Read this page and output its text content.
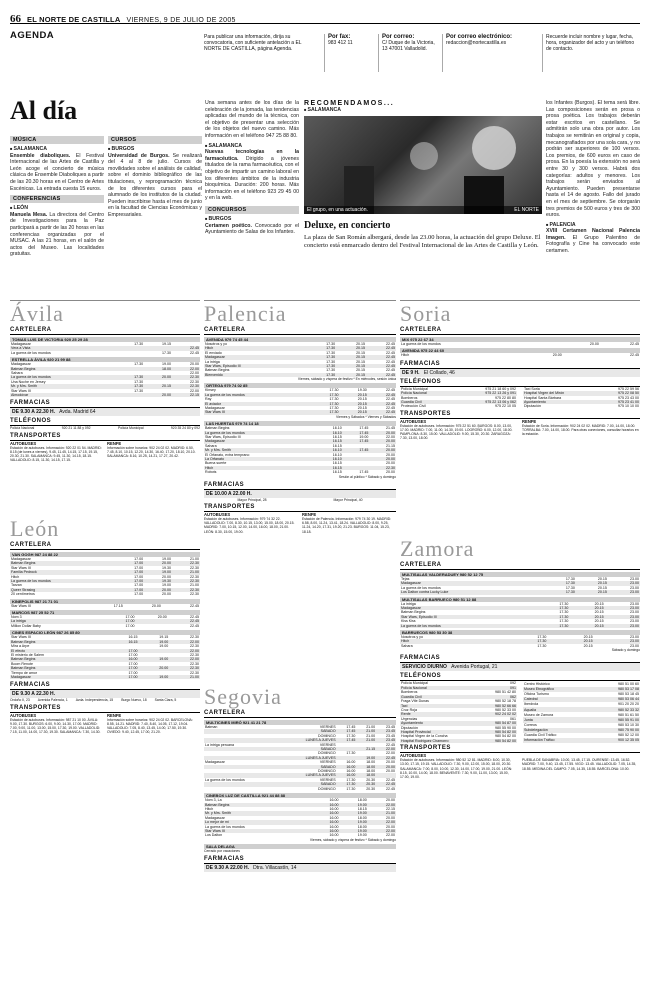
66 EL NORTE DE CASTILLA VIERNES, 9 DE JULIO DE 2005
AGENDA	Para publicar una información, dirija su convocatoria, con suficiente antelación a EL NORTE DE CASTILLA, página Agenda.
Por fax:
983 412 11
Por correo:
C/ Duque de la Victoria, 13 47001 Valladolid.
Por correo electrónico:
redaccion@nortecastilla.es
Recuerde incluir nombre y lugar, fecha, hora, organizador del acto y un teléfono de contacto.
Al día
MÚSICA
■ SALAMANCA
Ensemble diaboliques. El Festival Internacional de las Artes de Castilla y León acoge el concierto de música clásica de Ensemble Diaboliques a partir de las 20.30 horas en el Centro de Artes Escénicas. La entrada cuesta 15 euros.
CONFERENCIAS
■ LEÓN
Manuela Mesa. La directora del Centro de Investigaciones para la Paz participará a partir de las 20 horas en las conferencias organizadas por el MUSAC. A las 21 horas, en el salón de actos del Museo. Las localidades gratuitas.
CURSOS
■ BURGOS
Universidad de Burgos. Se realizará del 4 al 8 de julio. Cursos de movilidades sobre el análisis de calidad, sobre el dominio bibliográfico de las titulaciones, y reprogramación técnica de los diferentes cursos para el alumnado de los institutos de la ciudad. Pueden inscribirse hasta el mes de junio en la facultad de Ciencias Económicas y Empresariales.
Una semana antes de los días de la celebración de la jornada, las tendencias aplicadas del mundo de la técnica, con el objetivo de presentar una selección de los objetos del nuevo camino. Más información en el teléfono 947 25 88 80.
■ SALAMANCA
Nuevas tecnologías en la farmacéutica. Dirigido a jóvenes titulados de la rama farmacéutica, con el objetivo de impartir un camino laboral en los diferentes ámbitos de la industria bioquímica. Duración: 200 horas. Más información en el teléfono 923 29 45 00 y en la web.
CONCURSOS
■ BURGOS
Certamen poético. Convocado por el Ayuntamiento de Salas de los Infantes.
RECOMENDAMOS...
■ SALAMANCA
El grupo, en una actuación.	EL NORTE
Deluxe, en concierto
La plaza de San Román albergará, desde las 23.00 horas, la actuación del grupo Deluxe. El concierto está enmarcado dentro del Festival Internacional de las Artes de Castilla y León.
los Infantes (Burgos). El tema será libre. Las composiciones serán en prosa o prosa poética. Los trabajos deberán estar escritos en castellano. Se admitirán solo una obra por autor. Los trabajos se remitirán en original y copia, mecanografiados por una sola cara, y no podrán ser superiores de 100 versos. Los premios, de 600 euros en caso de prosa. En la poesía la extensión no será entre 30 y 300 versos. Habrá dos categorías: adultos y menores. Los trabajos serán enviados al Ayuntamiento. Pueden presentarse hasta el 14 de agosto. Fallo del jurado en el mes de septiembre. Se otorgarán tres premios de 500 euros y tres de 300 euros.
■ PALENCIA
XVIII Certamen Nacional Palencia Imagen. El Grupo Palentino de Fotografía y Cine ha convocado este certamen.
Ávila
CARTELERA
TOMAS LUIS DE VICTORIA 920 25 29 28
Madagascar	17.30	19.15	
Vera a Vista			22.45
La guerra de los mundos		17.30	22.45
ESTRELLA ÁVILA 920 21 99 88
Madagascar	17.30	19.00	20.00
Batman Begins		18.00	22.00
Sahara			22.00
La guerra de los mundos	17.30	20.00	22.30
Una Noche en Jersey	17.30		22.30
Mr. y Mrs. Smith	17.30	20.15	22.30
Star Wars III	17.30		22.00
Almodóvar		20.00	22.15
FARMACIAS
DE 9.30 A 22.30 H. Avda. Madrid 64
TELÉFONOS
Policía Nacional	920 21 11 88 y 092	Policía Municipal	920 35 24 80 y 092
TRANSPORTES
AUTOBUSES
Estación de autobuses. Información: 920 22 01 54. MADRID: 8.15 (de lunes a viernes), 9.45, 11.45, 14.15, 17.15, 19.15, 20.30, 21.30. SALAMANCA: 9.45, 11.30, 14.15, 18.15. VALLADOLID: 8.15, 11.30, 14.15, 17.15.
RENFE
Información sobre horarios: 902 24 02 02. MADRID: 6.50, 7.45, 8.10, 10.15, 12.20, 14.30, 16.40, 17.20, 18.10, 20.10. SALAMANCA: 8.16, 10.25, 14.21, 17.27, 20.42.
León
CARTELERA
VAN GOGH 987 24 88 22
Madagascar	17.00	19.00	21.00
Batman Begins	17.00	20.00	22.30
Star Wars III	17.00	19.30	22.30
Familia Pedrock	17.00	19.00	21.00
Hitch	17.00	20.00	22.30
La guerra de los mundos	17.00	19.30	22.30
Tarzan	17.00	19.00	21.00
Queer Strasing	17.00	20.00	22.30
20 centímetros	17.00	20.00	22.30
KINEPOLIS 987 21 71 01
Star Wars III	17.15	20.00	22.45
MARCOS 987 25 52 71
Nom 3	17.00	20.00	22.45
La intriga	17.00		22.45
Million Dollar Baby	17.00		22.45
CINES ESPACIO LEÓN 987 26 85 80
Star Wars III	16.15	19.15	22.30
Batman Begins	16.15	19.00	22.00
Mira a Arpe		19.00	22.30
El efecto	17.00		22.00
El misterio de Salem	17.00		22.30
Batman Begins	16.00	19.00	22.00
Boom Renote	17.00		22.30
Batman Begins	17.00	20.00	22.30
Tiempo de amor	17.00		22.30
Madagascar	17.00	19.00	21.00
FARMACIAS
DE 9.30 A 22.30 H.
Ordoño II, 23 Avenida Palencia, 1 Avda. Independencia, 15 Burgo Nuevo, 18 Santa Clara, 5
TRANSPORTES
AUTOBUSES
Estación de autobuses. Información: 987 21 10 00. ÁVILA: 9.00, 17.30. BURGOS: 6.00, 9.00, 14.30, 17.00. MADRID: 7.00, 9.00, 11.00, 13.00, 15.00, 17.30, 19.00. VALLADOLID: 7.15, 11.00, 14.00, 17.30, 19.30. SALAMANCA: 7.30, 14.30.
RENFE
Información sobre horarios: 902 24 02 02. BARCELONA: 8.55, 14.21. MADRID: 7.40, 8.40, 14.05, 17.12, 19.04. VALLADOLID: 7.05, 8.40, 13.45, 14.00, 17.50, 19.30. OVIEDO: 9.40, 12.45, 17.00, 21.20.
Palencia
CARTELERA
AVENIDA 979 74 45 44
Nosotros y yo	17.30	20.15	22.45
Hitch	17.30	20.15	22.45
El enviado	17.30	20.15	22.45
Madagascar	17.30	20.15	22.45
La intriga	17.30	20.15	22.45
Star Wars, Episodio III	17.30	20.15	22.45
Batman Begins	17.30	20.15	22.45
Bienvenido	17.30	20.15	22.45
Viernes, sábado y víspera de festivo * En miércoles, sesión única
ORTEGA 979 74 02 85
Kinsey	17.30	19.30	22.45
La guerra de los mundos	17.30	20.15	22.45
Ray	17.30	20.15	22.45
El aviador	17.30	20.15	22.45
Madagascar	17.30	20.15	22.45
Star Wars III	17.30	20.15	22.45
Viernes y Sábados * Viernes y Sábados
LAS HUERTAS 979 74 14 18
Batman Begins	16.10	17.45	21.45
La guerra de los mundos	16.10	17.45	20.00
Star Wars, Episodio III	16.15	19.00	22.00
Madagascar	16.15	17.45	20.00
Sahara	16.15		21.15
Mr. y Mrs. Smith	16.10	17.45	20.00
El Orfanato, extra temprano	16.10		20.00
La Orfanato	16.10		20.00
Buena suerte	16.15		20.00
Hitch	16.15		22.30
Robots	16.15	17.45	20.00
Sesión al público * Sábado y domingo
FARMACIAS
DE 10.00 A 22.00 H.
Mayor Principal, 28	Mayor Principal, 40
TRANSPORTES
AUTOBUSES
Estación de autobuses. Información: 979 74 32 22. VALLADOLID: 7.00, 8.30, 10.15, 13.00, 15.00, 18.00, 20.15. MADRID: 7.00, 10.15, 12.00, 14.00, 16.00, 18.00, 21.00. LEÓN: 8.30, 15.00, 19.00.
RENFE
Estación de Palencia. Información: 979 74 30 19. MADRID: 6.58, 8.00, 11.24, 13.41, 18.24. VALLADOLID: 8.00, 9.25, 11.24, 14.20, 17.31, 19.20, 21.23. BURGOS: 11.04, 15.23, 18.18.
Segovia
CARTELERA
MULTICINES MIRÓ 921 41 21 78
Batman	VIERNES	17.45	21.00	23.45
	SÁBADO	17.45	21.00	23.45
	DOMINGO	17.30	21.00	23.45
	LUNES A JUEVES	17.45	21.00	23.45
La intriga peruana	VIERNES			22.45
	SÁBADO		21.15	22.00
	DOMINGO	17.30		22.00
	LUNES A JUEVES		19.00	22.45
Madagascar	VIERNES	16.00	18.00	20.00
	SÁBADO	16.00	18.00	20.00
	DOMINGO	16.00	18.00	20.00
	LUNES A JUEVES	16.00	18.00	
La guerra de los mundos	VIERNES	17.30	20.30	22.45
	SÁBADO	17.30	20.30	22.45
	DOMINGO	17.30	20.30	22.45
CINEBOX LUZ DE CASTILLA 921 44 88 88
Nom 3, La	16.00	18.00	20.00
Batman Begins	16.00	19.00	22.00
Hitch	16.00	18.15	22.15
Mr. y Mrs. Smith	16.00	19.00	21.00
Madagascar	16.00	18.00	20.00
Lo mejor de mí	16.00	19.00	22.00
La guerra de los mundos	16.00	18.00	20.00
Star Wars III	16.00	19.00	22.00
Los Dalton	16.00	19.00	22.00
Viernes, sábado y víspera de festivo * Sábado y domingo
SALA DELAGA
Cerrado por vacaciones
FARMACIAS
DE 9.30 A 22.00 H. Dtra. Villacastín, 14
Soria
CARTELERA
MIX 975 22 67 34
La guerra de los mundos		20.00	22.45
AVENIDA 975 22 44 60
Hitch		20.00	22.45
FARMACIAS
DE 9 H. El Collado, 46
TELÉFONOS
Policía Municipal	975 21 18 60 y 092
Policía Nacional	975 22 13 26 y 091
Bomberos	975 22 80 80
Guardia Civil	975 22 13 06 y 062
Protección Civil	975 22 10 05
Taxi Soria	975 22 59 56
Hospital Virgen del Mirón	975 22 08 50
Hospital Santa Bárbara	975 23 43 00
Ayuntamiento	975 23 41 00
Diputación	975 10 10 00
TRANSPORTES
AUTOBUSES
Estación de autobuses. Información: 975 22 51 60. BURGOS: 8.00, 13.00, 17.00. MADRID: 7.00, 11.00, 14.30, 19.00. LOGROÑO: 6.00, 12.00, 18.00. PAMPLONA: 8.30, 15.00. VALLADOLID: 9.00, 15.30, 20.30. ZARAGOZA: 7.30, 13.00, 18.00.
RENFE
Estación de Soria. Información: 902 24 02 02. MADRID: 7.00, 14.00, 18.00. TORRALBA: 7.00, 14.00, 18.00. Para otras conexiones, consultar horarios en la estación.
Zamora
CARTELERA
MULTISALAS VALDERADUEY 980 52 12 75
Tejas	17.30	20.15	23.00
Madagascar	17.30	20.15	23.00
La guerra de los mundos	17.30	20.15	23.00
Los Dalton contra Lucky Luke	17.30	20.15	23.00
MULTISALAS BARRUECO 980 51 12 88
La intriga	17.30	20.15	23.00
Madagascar	17.30	20.15	23.00
Batman Begins	17.30	20.15	23.00
Star Wars, Episodio III	17.30	20.15	23.00
Kiss Kiss	17.30	20.15	23.00
La guerra de los mundos	17.30	20.15	23.00
BARRUECOS 980 53 30 38
Nosotros y yo	17.30	20.15	23.00
Hitch	17.30	20.15	23.00
Sahara	17.30	20.15	23.00
Sábado y domingo
FARMACIAS
SERVICIO DIURNO Avenida Portugal, 21
TELÉFONOS
Policía Municipal	092
Policía Nacional	091
Bomberos	980 51 42 80
Guardia Civil	062
Fraga Vtle Dunas	980 52 18 78
Taxi	980 52 66 66
Cruz Roja	980 52 33 00
Renfe	902 24 02 02
Urgencias	061
Ayuntamiento	980 54 87 00
Diputación	980 55 90 00
Hospital Provincial	980 54 82 00
Hospital Virgen de la Concha	980 54 82 00
Hospital Rodríguez Chamorro	980 54 82 00
Centro Histórico	980 51 00 60
Museo Etnográfico	980 53 17 08
Oficina Turismo	980 53 18 45
Catedral	980 53 06 44
Iberdrola	901 20 20 20
Aqualia	980 52 33 32
Museo de Zamora	980 51 61 50
Junta	980 55 91 00
Correos	980 53 10 30
Subdelegación	980 75 90 00
Guardia Civil Tráfico	980 52 12 00
Información Tráfico	900 12 35 05
TRANSPORTES
AUTOBUSES
Estación de autobuses. Información: 980 52 12 81. MADRID: 8.00, 10.30, 13.00, 17.15, 19.15. VALLADOLID: 7.30, 9.00, 12.00, 15.00, 18.00, 20.30. SALAMANCA: 7.00, 8.00, 10.00, 12.30, 14.00, 17.00, 19.00, 21.00. LEÓN: 8.15, 10.00, 14.00, 18.00. BENAVENTE: 7.30, 9.00, 11.00, 13.00, 15.00, 17.00, 19.00.
PUEBLA DE SANABRIA: 10.00, 13.45, 17.15. OURENSE: 13.45, 16.52. MADRID: 7.00, 9.40, 13.45, 17.55. VIGO: 13.45. VALLADOLID: 7.05, 14.35, 18.55. MEDINA DEL CAMPO: 7.05, 14.35, 18.55. BARCELONA: 10.00.
